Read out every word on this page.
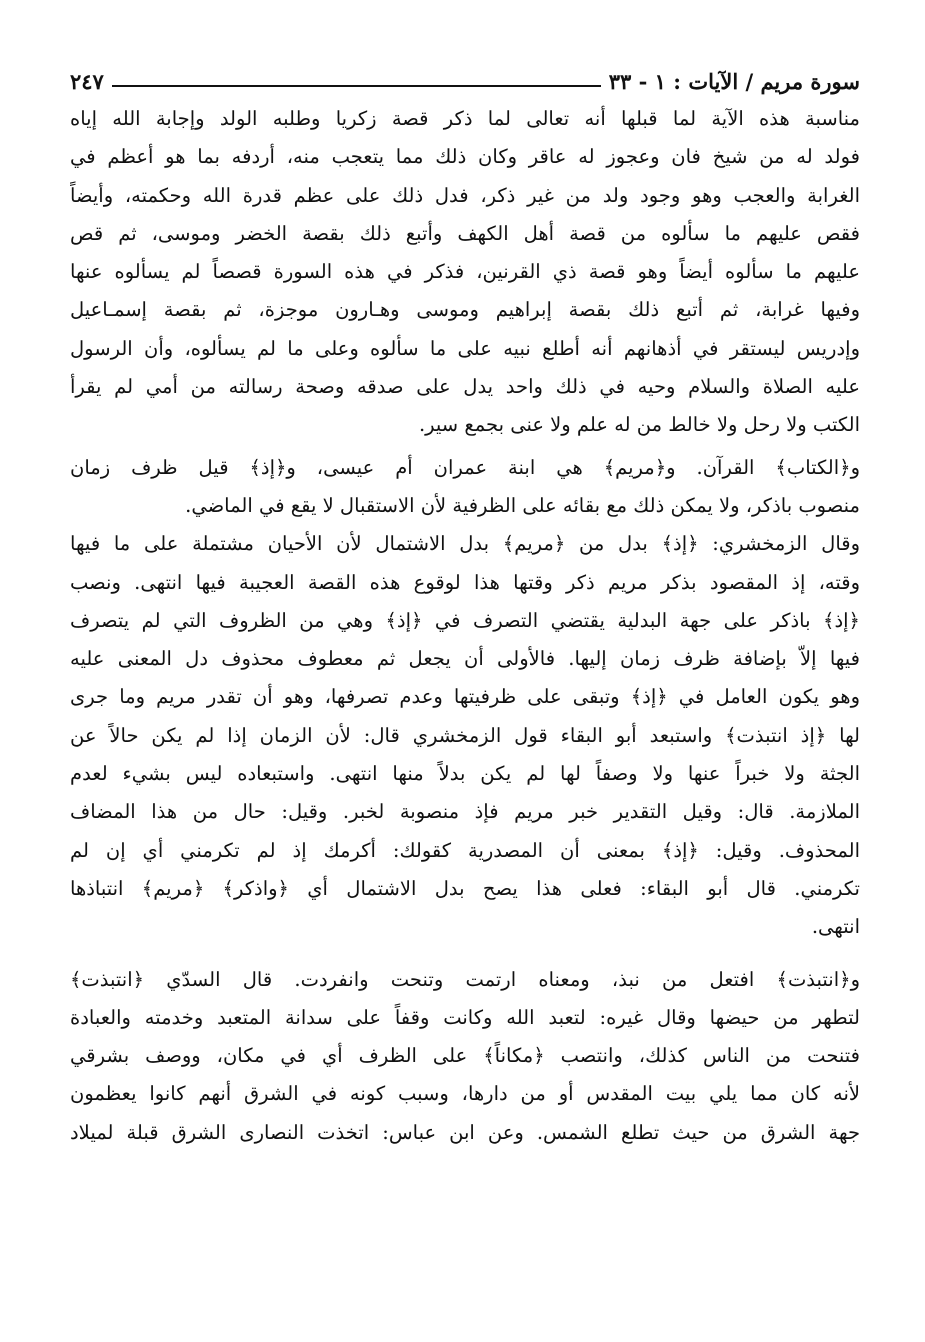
سورة مريم / الآيات : ١ - ٣٣
٢٤٧
مناسبة هذه الآية لما قبلها أنه تعالى لما ذكر قصة زكريا وطلبه الولد وإجابة الله إياه
فولد له من شيخ فان وعجوز له عاقر وكان ذلك مما يتعجب منه، أردفه بما هو أعظم في
الغرابة والعجب وهو وجود ولد من غير ذكر، فدل ذلك على عظم قدرة الله وحكمته، وأيضاً
فقص عليهم ما سألوه من قصة أهل الكهف وأتبع ذلك بقصة الخضر وموسى، ثم قص
عليهم ما سألوه أيضاً وهو قصة ذي القرنين، فذكر في هذه السورة قصصاً لم يسألوه عنها
وفيها غرابة، ثم أتبع ذلك بقصة إبراهيم وموسى وهـارون موجزة، ثم بقصة إسمـاعيل
وإدريس ليستقر في أذهانهم أنه أطلع نبيه على ما سألوه وعلى ما لم يسألوه، وأن الرسول
عليه الصلاة والسلام وحيه في ذلك واحد يدل على صدقه وصحة رسالته من أمي لم يقرأ
الكتب ولا رحل ولا خالط من له علم ولا عنى بجمع سير.
و﴿الكتاب﴾ القرآن. و﴿مريم﴾ هي ابنة عمران أم عيسى، و﴿إذ﴾ قيل ظرف زمان
منصوب باذكر، ولا يمكن ذلك مع بقائه على الظرفية لأن الاستقبال لا يقع في الماضي.
وقال الزمخشري: ﴿إذ﴾ بدل من ﴿مريم﴾ بدل الاشتمال لأن الأحيان مشتملة على ما فيها
وقته، إذ المقصود بذكر مريم ذكر وقتها هذا لوقوع هذه القصة العجيبة فيها انتهى. ونصب
﴿إذ﴾ باذكر على جهة البدلية يقتضي التصرف في ﴿إذ﴾ وهي من الظروف التي لم يتصرف
فيها إلاّ بإضافة ظرف زمان إليها. فالأولى أن يجعل ثم معطوف محذوف دل المعنى عليه
وهو يكون العامل في ﴿إذ﴾ وتبقى على ظرفيتها وعدم تصرفها، وهو أن تقدر مريم وما جرى
لها ﴿إذ انتبذت﴾ واستبعد أبو البقاء قول الزمخشري قال: لأن الزمان إذا لم يكن حالاً عن
الجثة ولا خبراً عنها ولا وصفاً لها لم يكن بدلاً منها انتهى. واستبعاده ليس بشيء لعدم
الملازمة. قال: وقيل التقدير خبر مريم فإذ منصوبة لخبر. وقيل: حال من هذا المضاف
المحذوف. وقيل: ﴿إذ﴾ بمعنى أن المصدرية كقولك: أكرمك إذ لم تكرمني أي إن لم
تكرمني. قال أبو البقاء: فعلى هذا يصح بدل الاشتمال أي ﴿واذكر﴾ ﴿مريم﴾ انتباذها
انتهى.
و﴿انتبذت﴾ افتعل من نبذ، ومعناه ارتمت وتنحت وانفردت. قال السدّي ﴿انتبذت﴾
لتطهر من حيضها وقال غيره: لتعبد الله وكانت وقفاً على سدانة المتعبد وخدمته والعبادة
فتنحت من الناس كذلك، وانتصب ﴿مكاناً﴾ على الظرف أي في مكان، ووصف بشرقي
لأنه كان مما يلي بيت المقدس أو من دارها، وسبب كونه في الشرق أنهم كانوا يعظمون
جهة الشرق من حيث تطلع الشمس. وعن ابن عباس: اتخذت النصارى الشرق قبلة لميلاد
